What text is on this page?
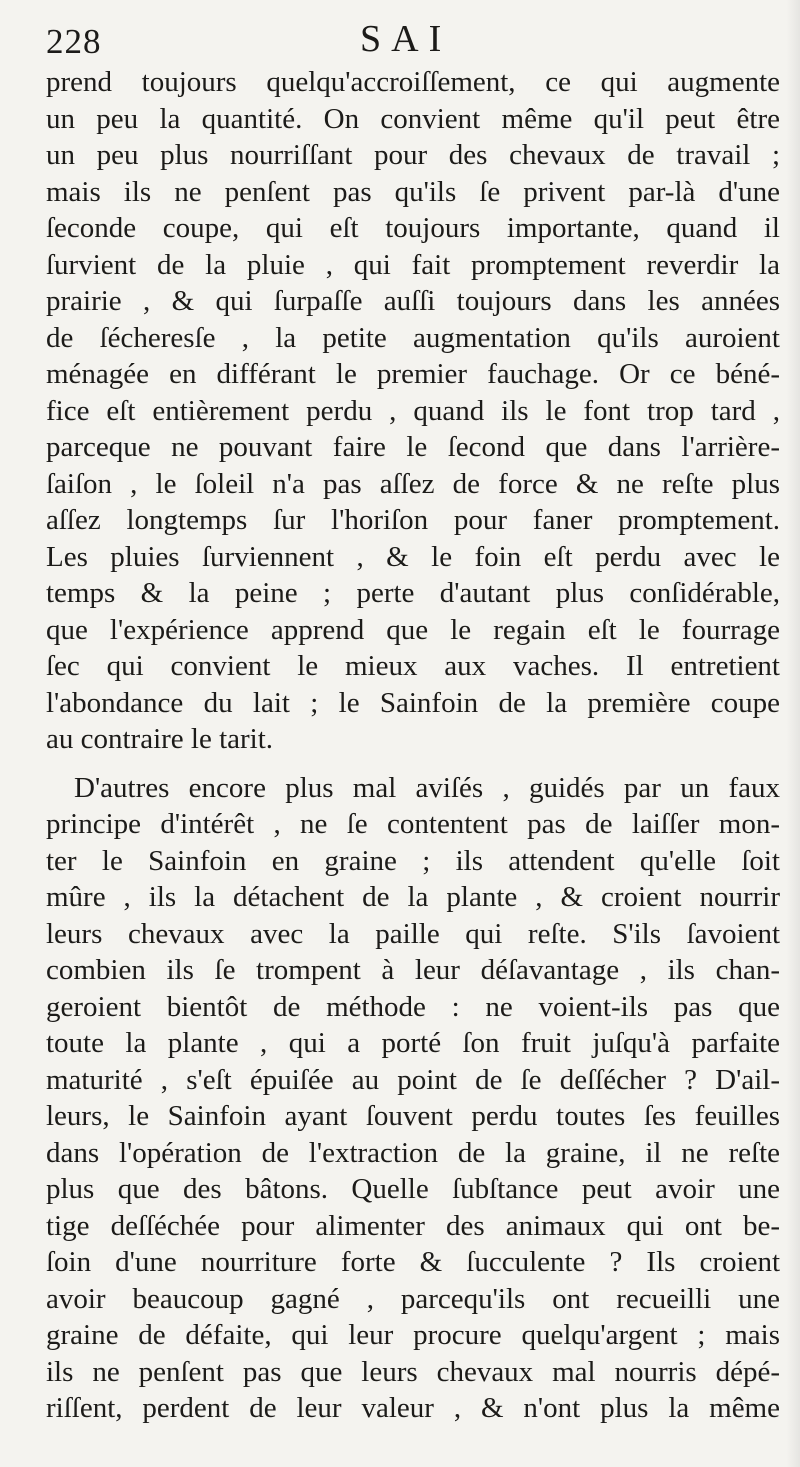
228	SAI
prend toujours quelqu'accroiſſement, ce qui augmente
un peu la quantité. On convient même qu'il peut être
un peu plus nourriſſant pour des chevaux de travail ;
mais ils ne penſent pas qu'ils ſe privent par-là d'une
ſeconde coupe, qui eſt toujours importante, quand il
ſurvient de la pluie , qui fait promptement reverdir la
prairie , & qui ſurpaſſe auſſi toujours dans les années
de ſécheresſe , la petite augmentation qu'ils auroient
ménagée en différant le premier fauchage. Or ce béné-
fice eſt entièrement perdu , quand ils le font trop tard ,
parceque ne pouvant faire le ſecond que dans l'arrière-
ſaiſon , le ſoleil n'a pas aſſez de force & ne reſte plus
aſſez longtemps ſur l'horiſon pour faner promptement.
Les pluies ſurviennent , & le foin eſt perdu avec le
temps & la peine ; perte d'autant plus conſidérable,
que l'expérience apprend que le regain eſt le fourrage
ſec qui convient le mieux aux vaches. Il entretient
l'abondance du lait ; le Sainfoin de la première coupe
au contraire le tarit.
D'autres encore plus mal aviſés , guidés par un faux
principe d'intérêt , ne ſe contentent pas de laiſſer mon-
ter le Sainfoin en graine ; ils attendent qu'elle ſoit
mûre , ils la détachent de la plante , & croient nourrir
leurs chevaux avec la paille qui reſte. S'ils ſavoient
combien ils ſe trompent à leur déſavantage , ils chan-
geroient bientôt de méthode : ne voient-ils pas que
toute la plante , qui a porté ſon fruit juſqu'à parfaite
maturité , s'eſt épuiſée au point de ſe deſſécher ? D'ail-
leurs, le Sainfoin ayant ſouvent perdu toutes ſes feuilles
dans l'opération de l'extraction de la graine, il ne reſte
plus que des bâtons. Quelle ſubſtance peut avoir une
tige deſſéchée pour alimenter des animaux qui ont be-
ſoin d'une nourriture forte & ſucculente ? Ils croient
avoir beaucoup gagné , parcequ'ils ont recueilli une
graine de défaite, qui leur procure quelqu'argent ; mais
ils ne penſent pas que leurs chevaux mal nourris dépé-
riſſent, perdent de leur valeur , & n'ont plus la même
